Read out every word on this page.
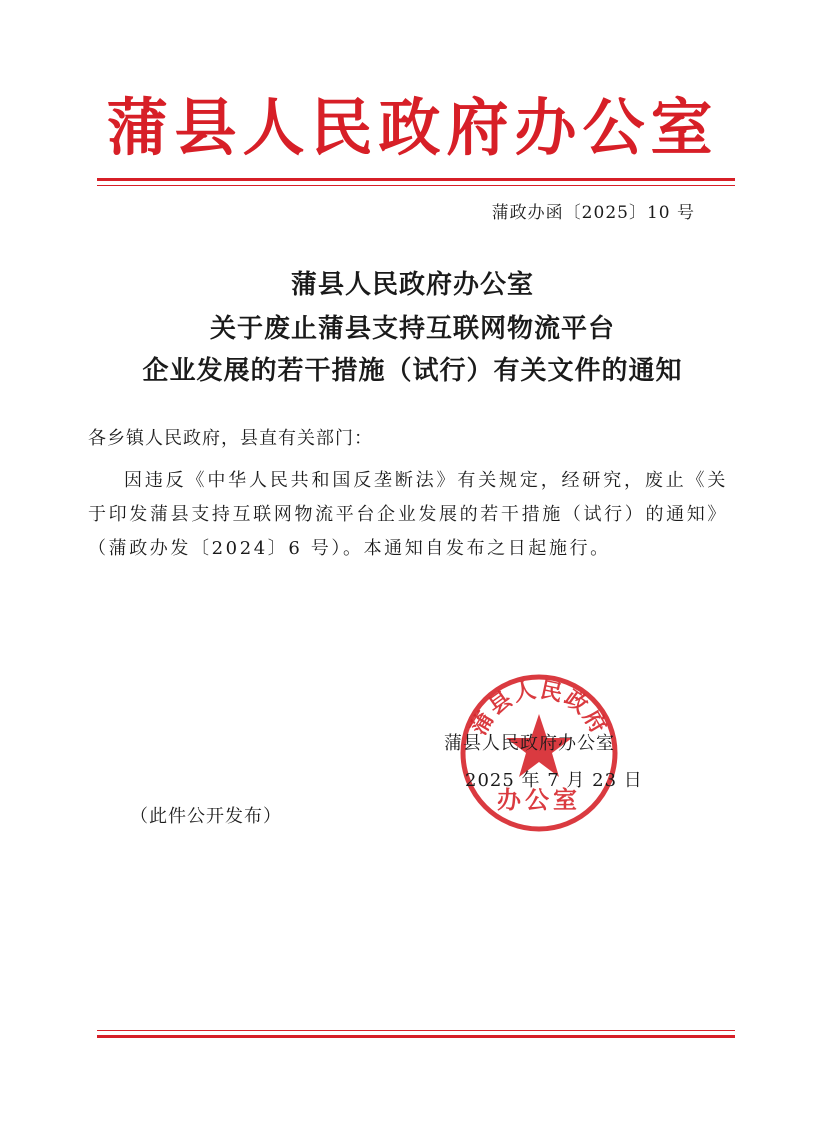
蒲县人民政府办公室
蒲政办函〔2025〕10 号
蒲县人民政府办公室
关于废止蒲县支持互联网物流平台
企业发展的若干措施（试行）有关文件的通知
各乡镇人民政府，县直有关部门：
因违反《中华人民共和国反垄断法》有关规定，经研究，废止《关于印发蒲县支持互联网物流平台企业发展的若干措施（试行）的通知》（蒲政办发〔2024〕6 号）。本通知自发布之日起施行。
蒲县人民政府
办公室
蒲县人民政府办公室
2025 年 7 月 23 日
（此件公开发布）
